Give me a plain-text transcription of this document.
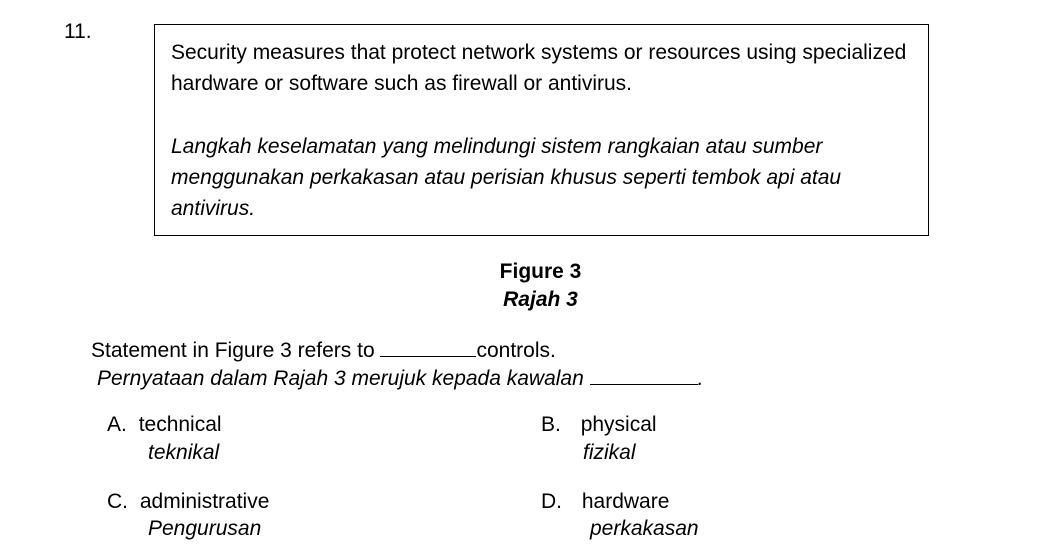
11.
Security measures that protect network systems or resources using specialized hardware or software such as firewall or antivirus.
Langkah keselamatan yang melindungi sistem rangkaian atau sumber menggunakan perkakasan atau perisian khusus seperti tembok api atau antivirus.
Figure 3
Rajah 3
Statement in Figure 3 refers to	controls.
Pernyataan dalam Rajah 3 merujuk kepada kawalan	.
A. technical
teknikal
B. physical
fizikal
C. administrative
Pengurusan
D. hardware
perkakasan
